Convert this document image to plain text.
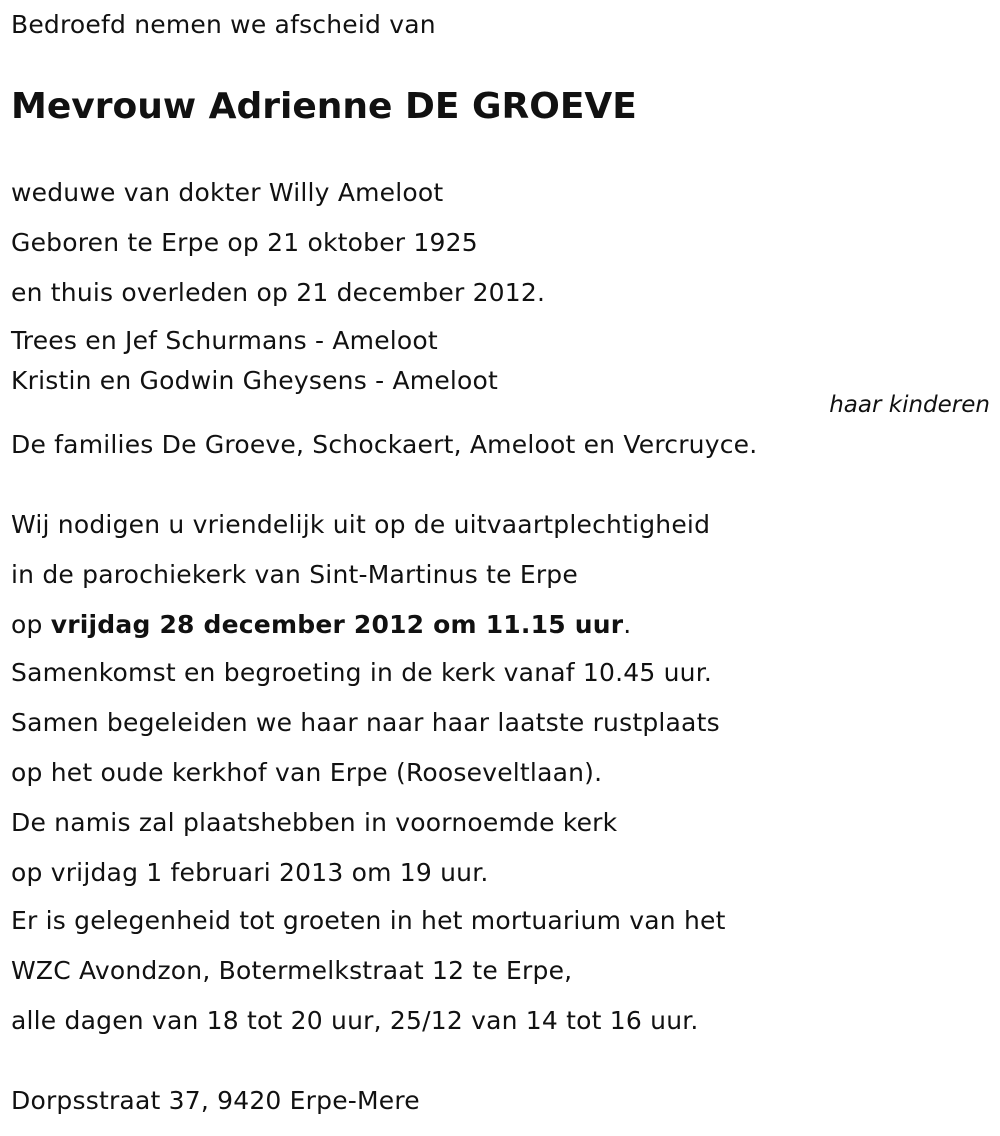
Bedroefd nemen we afscheid van
Mevrouw Adrienne DE GROEVE
weduwe van dokter Willy Ameloot
Geboren te Erpe op 21 oktober 1925
en thuis overleden op 21 december 2012.
Trees en Jef Schurmans - Ameloot
Kristin en Godwin Gheysens - Ameloot
haar kinderen
De families De Groeve, Schockaert, Ameloot en Vercruyce.
Wij nodigen u vriendelijk uit op de uitvaartplechtigheid
in de parochiekerk van Sint-Martinus te Erpe
op vrijdag 28 december 2012 om 11.15 uur.
Samenkomst en begroeting in de kerk vanaf 10.45 uur.
Samen begeleiden we haar naar haar laatste rustplaats
op het oude kerkhof van Erpe (Rooseveltlaan).
De namis zal plaatshebben in voornoemde kerk
op vrijdag 1 februari 2013 om 19 uur.
Er is gelegenheid tot groeten in het mortuarium van het
WZC Avondzon, Botermelkstraat 12 te Erpe,
alle dagen van 18 tot 20 uur, 25/12 van 14 tot 16 uur.
Dorpsstraat 37, 9420 Erpe-Mere
